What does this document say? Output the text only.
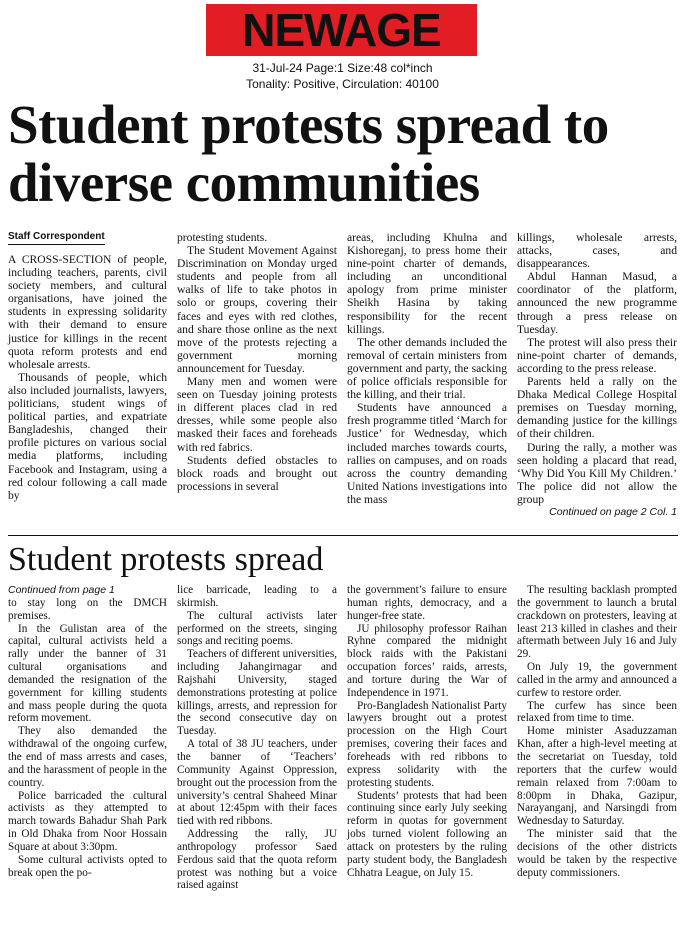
NEWAGE
31-Jul-24 Page:1 Size:48 col*inch
Tonality: Positive, Circulation: 40100
Student protests spread to diverse communities
Staff Correspondent

A CROSS-SECTION of people, including teachers, parents, civil society members, and cultural organisations, have joined the students in expressing solidarity with their demand to ensure justice for killings in the recent quota reform protests and end wholesale arrests.

Thousands of people, which also included journalists, lawyers, politicians, student wings of political parties, and expatriate Bangladeshis, changed their profile pictures on various social media platforms, including Facebook and Instagram, using a red colour following a call made by

protesting students.

The Student Movement Against Discrimination on Monday urged students and people from all walks of life to take photos in solo or groups, covering their faces and eyes with red clothes, and share those online as the next move of the protests rejecting a government morning announcement for Tuesday.

Many men and women were seen on Tuesday joining protests in different places clad in red dresses, while some people also masked their faces and foreheads with red fabrics.

Students defied obstacles to block roads and brought out processions in several

areas, including Khulna and Kishoreganj, to press home their nine-point charter of demands, including an unconditional apology from prime minister Sheikh Hasina by taking responsibility for the recent killings.

The other demands included the removal of certain ministers from government and party, the sacking of police officials responsible for the killing, and their trial.

Students have announced a fresh programme titled ‘March for Justice’ for Wednesday, which included marches towards courts, rallies on campuses, and on roads across the country demanding United Nations investigations into the mass

killings, wholesale arrests, attacks, cases, and disappearances.

Abdul Hannan Masud, a coordinator of the platform, announced the new programme through a press release on Tuesday.

The protest will also press their nine-point charter of demands, according to the press release.

Parents held a rally on the Dhaka Medical College Hospital premises on Tuesday morning, demanding justice for the killings of their children.

During the rally, a mother was seen holding a placard that read, ‘Why Did You Kill My Children.’ The police did not allow the group

Continued on page 2 Col. 1

Student protests spread

Continued from page 1

to stay long on the DMCH premises.

In the Gulistan area of the capital, cultural activists held a rally under the banner of 31 cultural organisations and demanded the resignation of the government for killing students and mass people during the quota reform movement.

They also demanded the withdrawal of the ongoing curfew, the end of mass arrests and cases, and the harassment of people in the country.

Police barricaded the cultural activists as they attempted to march towards Bahadur Shah Park in Old Dhaka from Noor Hossain Square at about 3:30pm.

Some cultural activists opted to break open the po-

lice barricade, leading to a skirmish.

The cultural activists later performed on the streets, singing songs and reciting poems.

Teachers of different universities, including Jahangirnagar and Rajshahi University, staged demonstrations protesting at police killings, arrests, and repression for the second consecutive day on Tuesday.

A total of 38 JU teachers, under the banner of ‘Teachers’ Community Against Oppression, brought out the procession from the university’s central Shaheed Minar at about 12:45pm with their faces tied with red ribbons.

Addressing the rally, JU anthropology professor Saed Ferdous said that the quota reform protest was nothing but a voice raised against

the government’s failure to ensure human rights, democracy, and a hunger-free state.

JU philosophy professor Raihan Ryhne compared the midnight block raids with the Pakistani occupation forces’ raids, arrests, and torture during the War of Independence in 1971.

Pro-Bangladesh Nationalist Party lawyers brought out a protest procession on the High Court premises, covering their faces and foreheads with red ribbons to express solidarity with the protesting students.

Students’ protests that had been continuing since early July seeking reform in quotas for government jobs turned violent following an attack on protesters by the ruling party student body, the Bangladesh Chhatra League, on July 15.

The resulting backlash prompted the government to launch a brutal crackdown on protesters, leaving at least 213 killed in clashes and their aftermath between July 16 and July 29.

On July 19, the government called in the army and announced a curfew to restore order.

The curfew has since been relaxed from time to time.

Home minister Asaduzzaman Khan, after a high-level meeting at the secretariat on Tuesday, told reporters that the curfew would remain relaxed from 7:00am to 8:00pm in Dhaka, Gazipur, Narayanganj, and Narsingdi from Wednesday to Saturday.

The minister said that the decisions of the other districts would be taken by the respective deputy commissioners.
